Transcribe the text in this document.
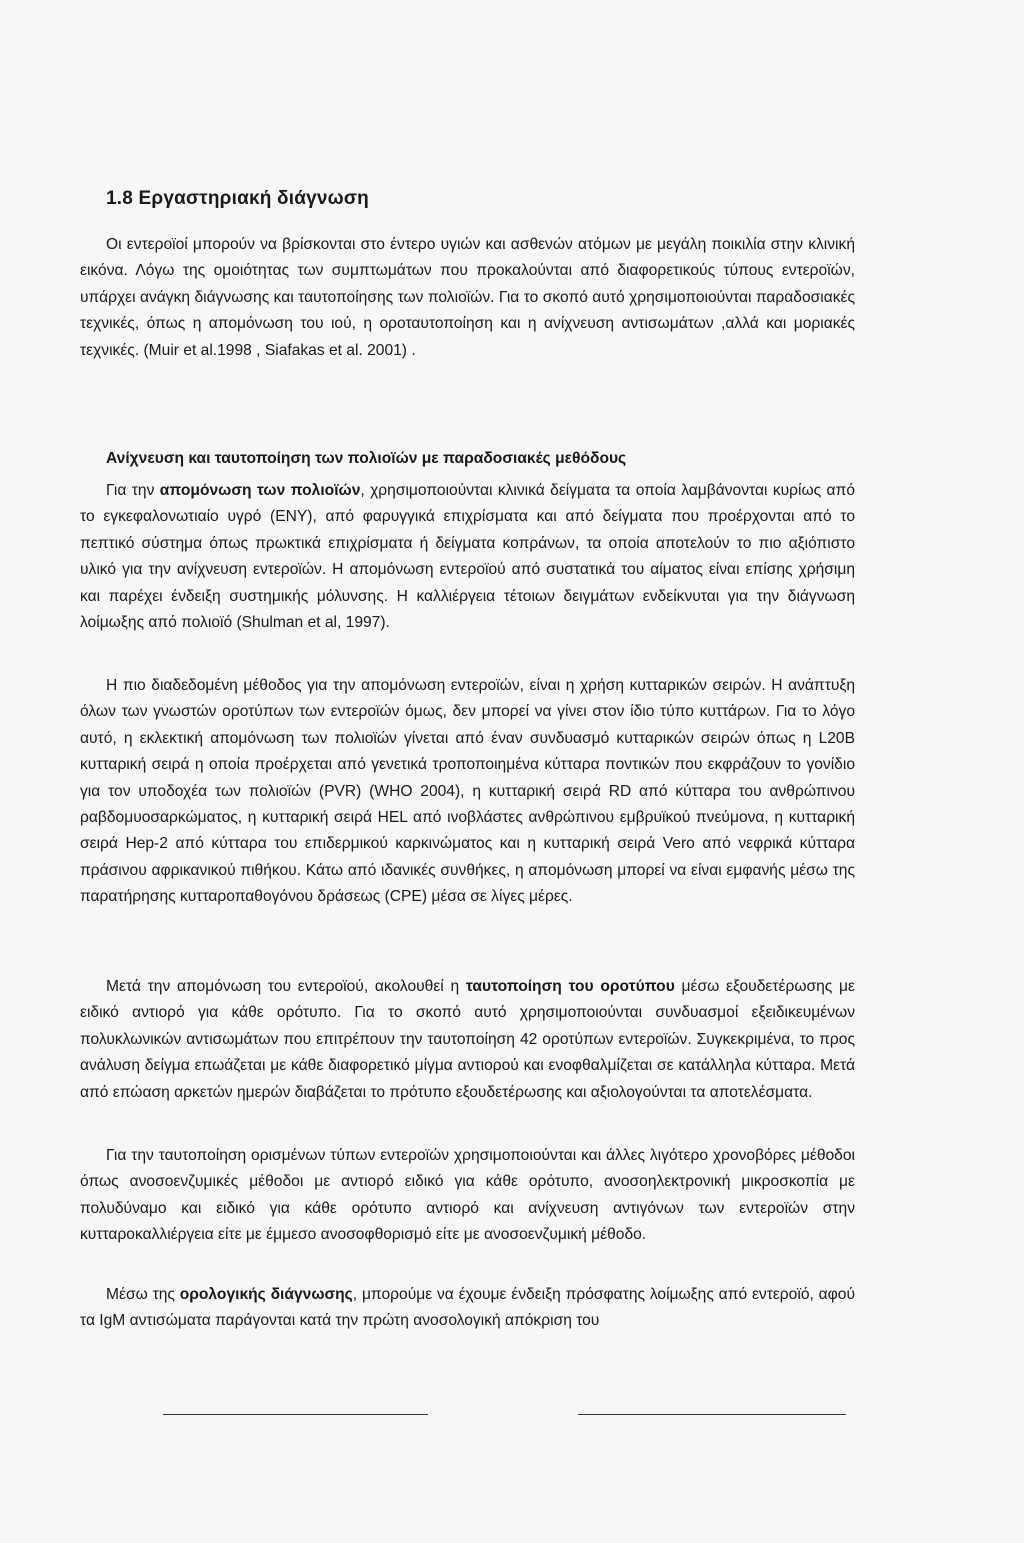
1.8 Εργαστηριακή διάγνωση

Οι εντεροϊοί μπορούν να βρίσκονται στο έντερο υγιών και ασθενών ατόμων με μεγάλη ποικιλία στην κλινική εικόνα. Λόγω της ομοιότητας των συμπτωμάτων που προκαλούνται από διαφορετικούς τύπους εντεροϊών, υπάρχει ανάγκη διάγνωσης και ταυτοποίησης των πολιοϊών. Για το σκοπό αυτό χρησιμοποιούνται παραδοσιακές τεχνικές, όπως η απομόνωση του ιού, η οροταυτοποίηση και η ανίχνευση αντισωμάτων ,αλλά και μοριακές τεχνικές. (Muir et al.1998 , Siafakas et al. 2001) .

Ανίχνευση και ταυτοποίηση των πολιοϊών με παραδοσιακές μεθόδους

Για την απομόνωση των πολιοϊών, χρησιμοποιούνται κλινικά δείγματα τα οποία λαμβάνονται κυρίως από το εγκεφαλονωτιαίο υγρό (ΕΝΥ), από φαρυγγικά επιχρίσματα και από δείγματα που προέρχονται από το πεπτικό σύστημα όπως πρωκτικά επιχρίσματα ή δείγματα κοπράνων, τα οποία αποτελούν το πιο αξιόπιστο υλικό για την ανίχνευση εντεροϊών. Η απομόνωση εντεροϊού από συστατικά του αίματος είναι επίσης χρήσιμη και παρέχει ένδειξη συστημικής μόλυνσης. Η καλλιέργεια τέτοιων δειγμάτων ενδείκνυται για την διάγνωση λοίμωξης από πολιοϊό (Shulman et al, 1997).

Η πιο διαδεδομένη μέθοδος για την απομόνωση εντεροϊών, είναι η χρήση κυτταρικών σειρών. Η ανάπτυξη όλων των γνωστών οροτύπων των εντεροϊών όμως, δεν μπορεί να γίνει στον ίδιο τύπο κυττάρων. Για το λόγο αυτό, η εκλεκτική απομόνωση των πολιοϊών γίνεται από έναν συνδυασμό κυτταρικών σειρών όπως η L20B κυτταρική σειρά η οποία προέρχεται από γενετικά τροποποιημένα κύτταρα ποντικών που εκφράζουν το γονίδιο για τον υποδοχέα των πολιοϊών (PVR) (WHO 2004), η κυτταρική σειρά RD από κύτταρα του ανθρώπινου ραβδομυοσαρκώματος, η κυτταρική σειρά HEL από ινοβλάστες ανθρώπινου εμβρυϊκού πνεύμονα, η κυτταρική σειρά Hep-2 από κύτταρα του επιδερμικού καρκινώματος και η κυτταρική σειρά Vero από νεφρικά κύτταρα πράσινου αφρικανικού πιθήκου. Κάτω από ιδανικές συνθήκες, η απομόνωση μπορεί να είναι εμφανής μέσω της παρατήρησης κυτταροπαθογόνου δράσεως (CPE) μέσα σε λίγες μέρες.

Μετά την απομόνωση του εντεροϊού, ακολουθεί η ταυτοποίηση του οροτύπου μέσω εξουδετέρωσης με ειδικό αντιορό για κάθε ορότυπο. Για το σκοπό αυτό χρησιμοποιούνται συνδυασμοί εξειδικευμένων πολυκλωνικών αντισωμάτων που επιτρέπουν την ταυτοποίηση 42 οροτύπων εντεροϊών. Συγκεκριμένα, το προς ανάλυση δείγμα επωάζεται με κάθε διαφορετικό μίγμα αντιορού και ενοφθαλμίζεται σε κατάλληλα κύτταρα. Μετά από επώαση αρκετών ημερών διαβάζεται το πρότυπο εξουδετέρωσης και αξιολογούνται τα αποτελέσματα.

Για την ταυτοποίηση ορισμένων τύπων εντεροϊών χρησιμοποιούνται και άλλες λιγότερο χρονοβόρες μέθοδοι όπως ανοσοενζυμικές μέθοδοι με αντιορό ειδικό για κάθε ορότυπο, ανοσοηλεκτρονική μικροσκοπία με πολυδύναμο και ειδικό για κάθε ορότυπο αντιορό και ανίχνευση αντιγόνων των εντεροϊών στην κυτταροκαλλιέργεια είτε με έμμεσο ανοσοφθορισμό είτε με ανοσοενζυμική μέθοδο.

Μέσω της ορολογικής διάγνωσης, μπορούμε να έχουμε ένδειξη πρόσφατης λοίμωξης από εντεροϊό, αφού τα IgM αντισώματα παράγονται κατά την πρώτη ανοσολογική απόκριση του
